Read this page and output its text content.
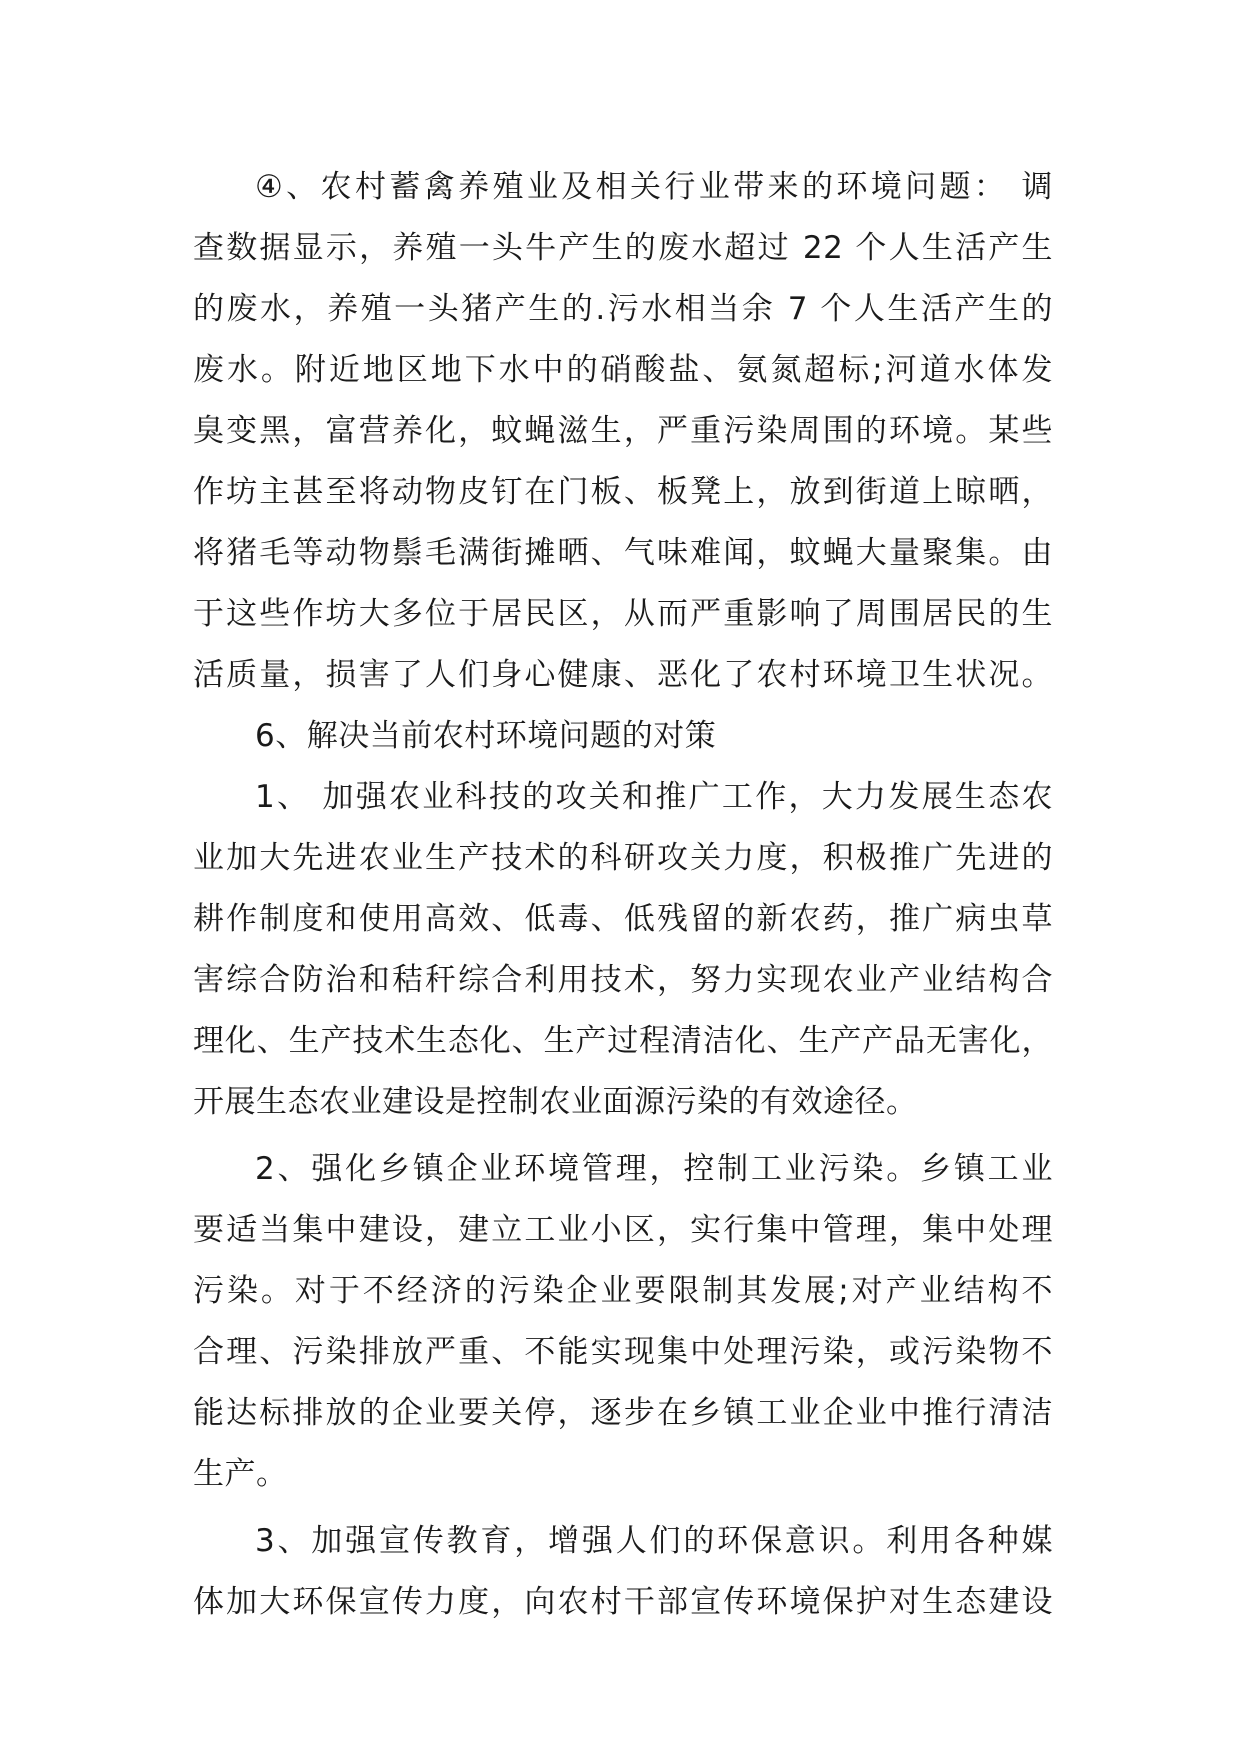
④、农村蓄禽养殖业及相关行业带来的环境问题： 调
查数据显示，养殖一头牛产生的废水超过 22 个人生活产生
的废水，养殖一头猪产生的.污水相当余 7 个人生活产生的
废水。附近地区地下水中的硝酸盐、氨氮超标;河道水体发
臭变黑，富营养化，蚊蝇滋生，严重污染周围的环境。某些
作坊主甚至将动物皮钉在门板、板凳上，放到街道上晾晒，
将猪毛等动物鬃毛满街摊晒、气味难闻，蚊蝇大量聚集。由
于这些作坊大多位于居民区，从而严重影响了周围居民的生
活质量，损害了人们身心健康、恶化了农村环境卫生状况。
6、解决当前农村环境问题的对策
1、 加强农业科技的攻关和推广工作，大力发展生态农
业加大先进农业生产技术的科研攻关力度，积极推广先进的
耕作制度和使用高效、低毒、低残留的新农药，推广病虫草
害综合防治和秸秆综合利用技术，努力实现农业产业结构合
理化、生产技术生态化、生产过程清洁化、生产产品无害化，
开展生态农业建设是控制农业面源污染的有效途径。
2、强化乡镇企业环境管理，控制工业污染。乡镇工业
要适当集中建设，建立工业小区，实行集中管理，集中处理
污染。对于不经济的污染企业要限制其发展;对产业结构不
合理、污染排放严重、不能实现集中处理污染，或污染物不
能达标排放的企业要关停，逐步在乡镇工业企业中推行清洁
生产。
3、加强宣传教育，增强人们的环保意识。利用各种媒
体加大环保宣传力度，向农村干部宣传环境保护对生态建设
